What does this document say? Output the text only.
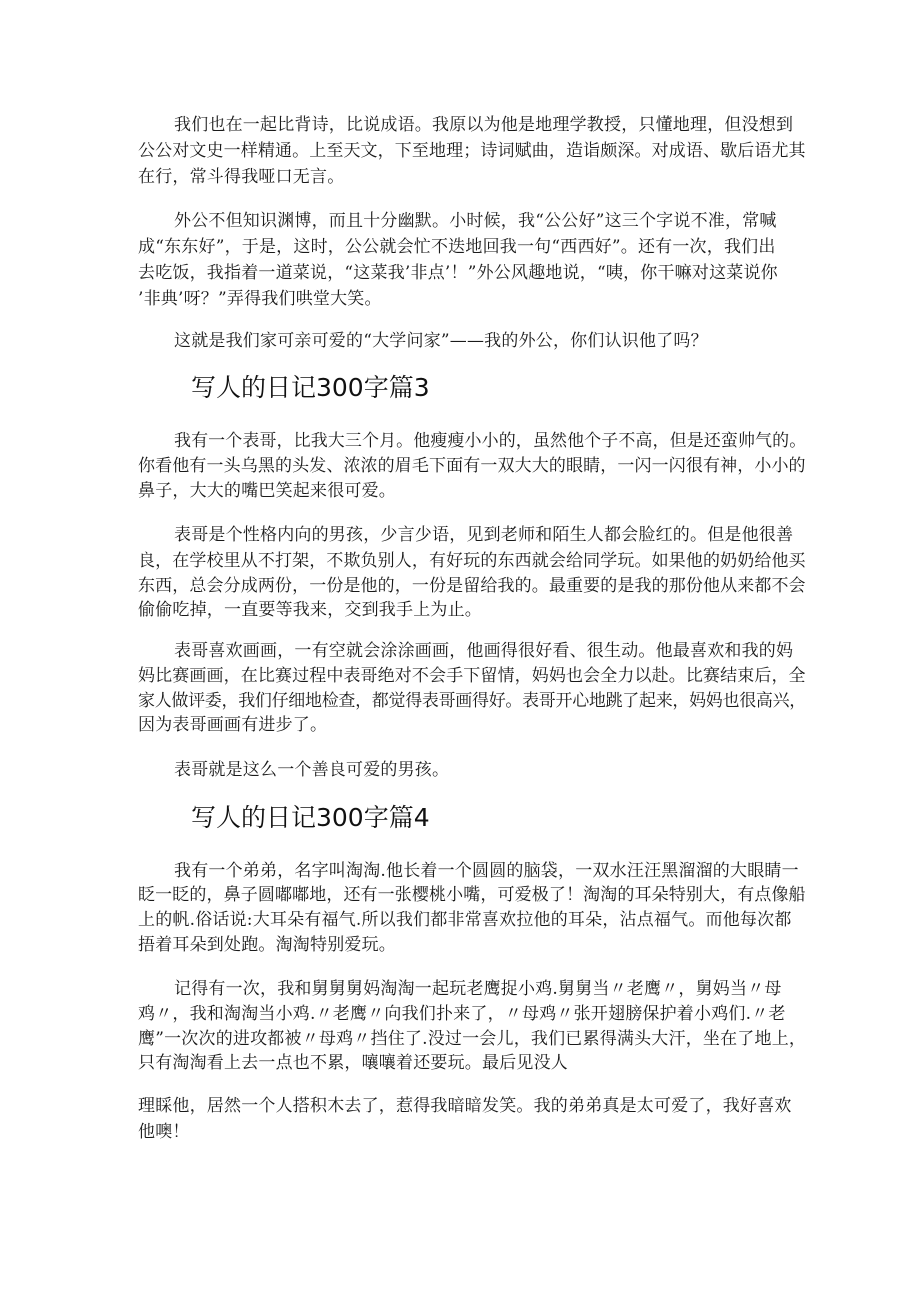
我们也在一起比背诗，比说成语。我原以为他是地理学教授，只懂地理，但没想到
公公对文史一样精通。上至天文，下至地理；诗词赋曲，造诣颇深。对成语、歇后语尤其
在行，常斗得我哑口无言。
外公不但知识渊博，而且十分幽默。小时候，我“公公好”这三个字说不准，常喊
成“东东好”，于是，这时，公公就会忙不迭地回我一句“西西好”。还有一次，我们出
去吃饭，我指着一道菜说，“这菜我’非点’！”外公风趣地说，“咦，你干嘛对这菜说你
’非典’呀？”弄得我们哄堂大笑。
这就是我们家可亲可爱的“大学问家”——我的外公，你们认识他了吗？
写人的日记300字篇3
我有一个表哥，比我大三个月。他瘦瘦小小的，虽然他个子不高，但是还蛮帅气的。
你看他有一头乌黑的头发、浓浓的眉毛下面有一双大大的眼睛，一闪一闪很有神，小小的
鼻子，大大的嘴巴笑起来很可爱。
表哥是个性格内向的男孩，少言少语，见到老师和陌生人都会脸红的。但是他很善
良，在学校里从不打架，不欺负别人，有好玩的东西就会给同学玩。如果他的奶奶给他买
东西，总会分成两份，一份是他的，一份是留给我的。最重要的是我的那份他从来都不会
偷偷吃掉，一直要等我来，交到我手上为止。
表哥喜欢画画，一有空就会涂涂画画，他画得很好看、很生动。他最喜欢和我的妈
妈比赛画画，在比赛过程中表哥绝对不会手下留情，妈妈也会全力以赴。比赛结束后，全
家人做评委，我们仔细地检查，都觉得表哥画得好。表哥开心地跳了起来，妈妈也很高兴，
因为表哥画画有进步了。
表哥就是这么一个善良可爱的男孩。
写人的日记300字篇4
我有一个弟弟，名字叫淘淘.他长着一个圆圆的脑袋，一双水汪汪黑溜溜的大眼睛一
眨一眨的，鼻子圆嘟嘟地，还有一张樱桃小嘴，可爱极了！淘淘的耳朵特别大，有点像船
上的帆.俗话说:大耳朵有福气.所以我们都非常喜欢拉他的耳朵，沾点福气。而他每次都
捂着耳朵到处跑。淘淘特别爱玩。
记得有一次，我和舅舅舅妈淘淘一起玩老鹰捉小鸡.舅舅当〃老鹰〃，舅妈当〃母
鸡〃，我和淘淘当小鸡.〃老鹰〃向我们扑来了，〃母鸡〃张开翅膀保护着小鸡们.〃老
鹰”一次次的进攻都被〃母鸡〃挡住了.没过一会儿，我们已累得满头大汗，坐在了地上，
只有淘淘看上去一点也不累，嚷嚷着还要玩。最后见没人
理睬他，居然一个人搭积木去了，惹得我暗暗发笑。我的弟弟真是太可爱了，我好喜欢
他噢！
